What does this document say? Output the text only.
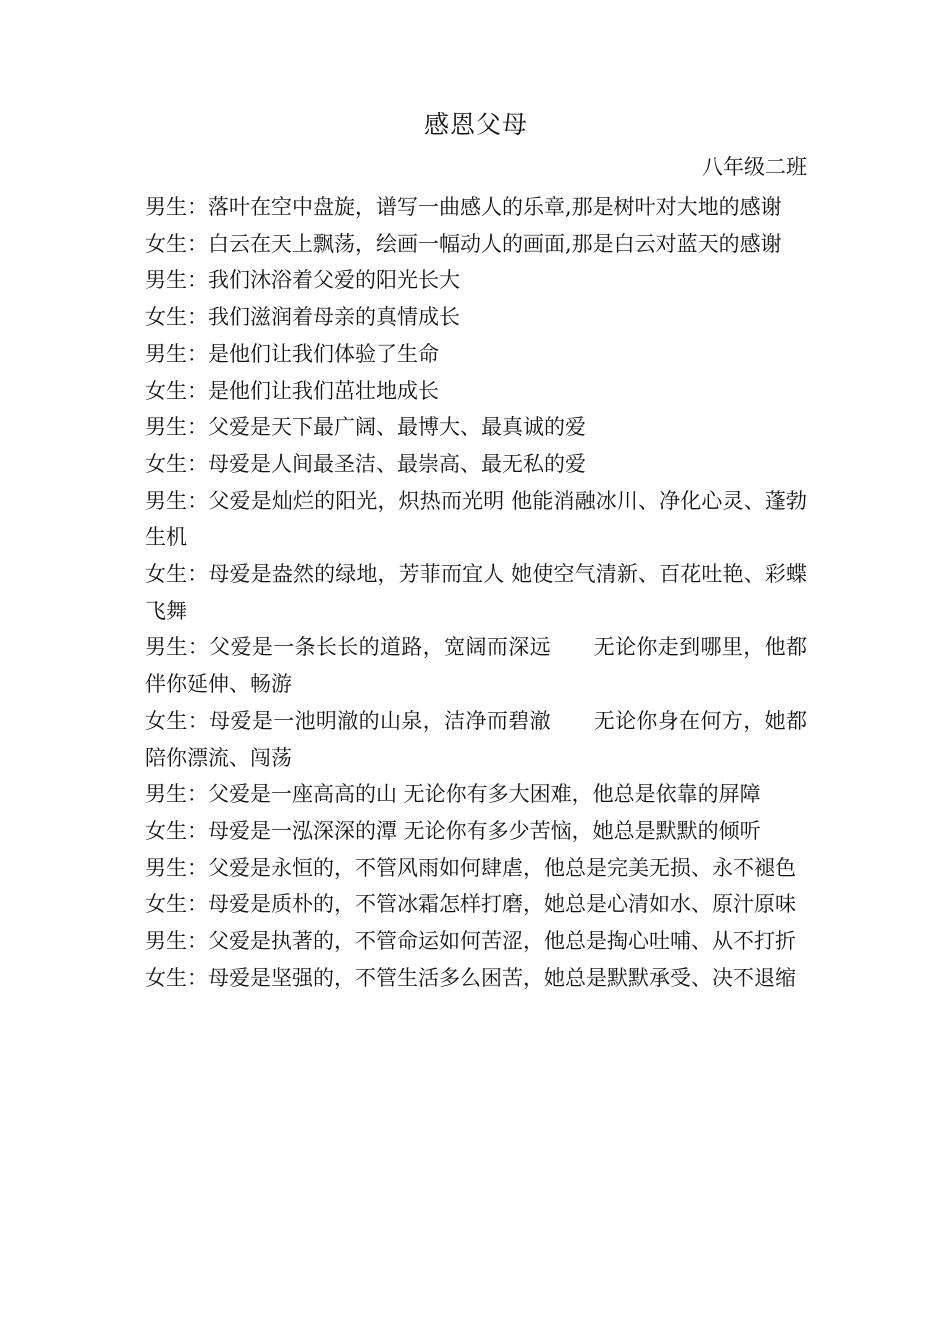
感恩父母
八年级二班
男生：落叶在空中盘旋，谱写一曲感人的乐章,那是树叶对大地的感谢
女生：白云在天上飘荡，绘画一幅动人的画面,那是白云对蓝天的感谢
男生：我们沐浴着父爱的阳光长大
女生：我们滋润着母亲的真情成长
男生：是他们让我们体验了生命
女生：是他们让我们茁壮地成长
男生：父爱是天下最广阔、最博大、最真诚的爱
女生：母爱是人间最圣洁、最崇高、最无私的爱
男生：父爱是灿烂的阳光，炽热而光明 他能消融冰川、净化心灵、蓬勃生机
女生：母爱是盎然的绿地，芳菲而宜人 她使空气清新、百花吐艳、彩蝶飞舞
男生：父爱是一条长长的道路，宽阔而深远　　无论你走到哪里，他都伴你延伸、畅游
女生：母爱是一池明澈的山泉，洁净而碧澈　　无论你身在何方，她都陪你漂流、闯荡
男生：父爱是一座高高的山 无论你有多大困难，他总是依靠的屏障
女生：母爱是一泓深深的潭 无论你有多少苦恼，她总是默默的倾听
男生：父爱是永恒的，不管风雨如何肆虐，他总是完美无损、永不褪色
女生：母爱是质朴的，不管冰霜怎样打磨，她总是心清如水、原汁原味
男生：父爱是执著的，不管命运如何苦涩，他总是掏心吐哺、从不打折
女生：母爱是坚强的，不管生活多么困苦，她总是默默承受、决不退缩
